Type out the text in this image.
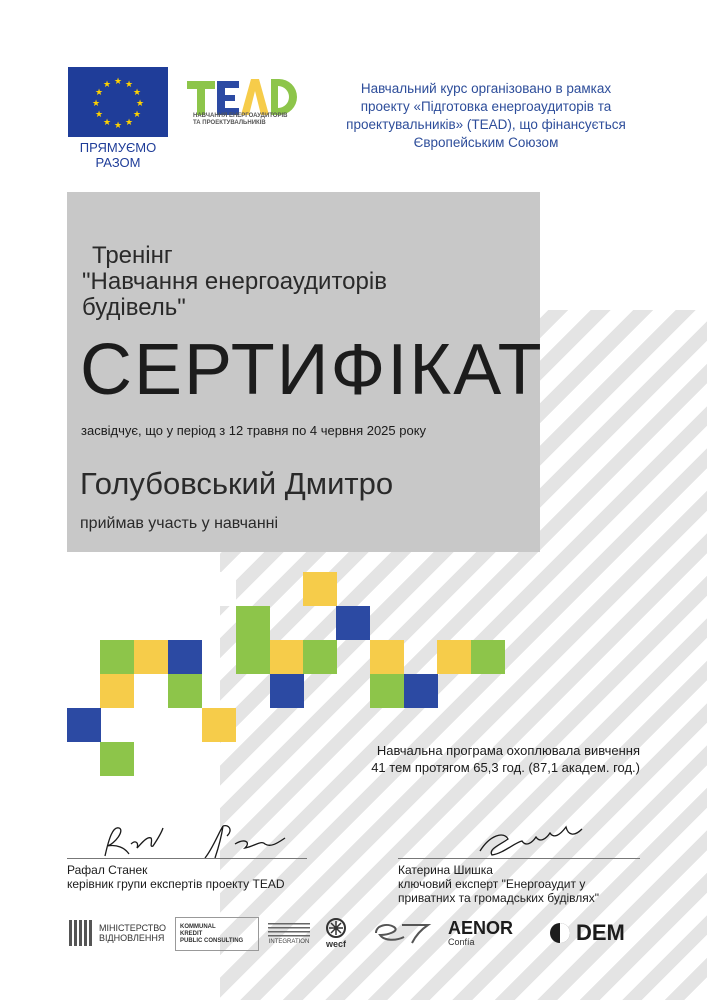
★ ★
★
★
★
★
★
★
★
★
★
★
ПРЯМУЄМО
РАЗОМ
НАВЧАННЯ ЕНЕРГОАУДИТОРІВ
ТА ПРОЕКТУВАЛЬНИКІВ
Навчальний курс організовано в рамках
проекту «Підготовка енергоаудиторів та
проектувальників» (TEAD), що фінансується
Європейським Союзом
Тренінг
"Навчання енергоаудиторів
будівель"
СЕРТИФІКАТ
засвідчує, що у період з 12 травня по 4 червня 2025 року
Голубовський Дмитро
приймав участь у навчанні
Навчальна програма охоплювала вивчення
41 тем протягом 65,3 год. (87,1 академ. год.)
Рафал Станек
керівник групи експертів проекту TEAD
Катерина Шишка
ключовий експерт "Енергоаудит у
приватних та громадських будівлях"
МІНІСТЕРСТВО
ВІДНОВЛЕННЯ
KOMMUNAL
KREDIT
PUBLIC CONSULTING	INTEGRATION wecf
AENOR
Confía	DEM
